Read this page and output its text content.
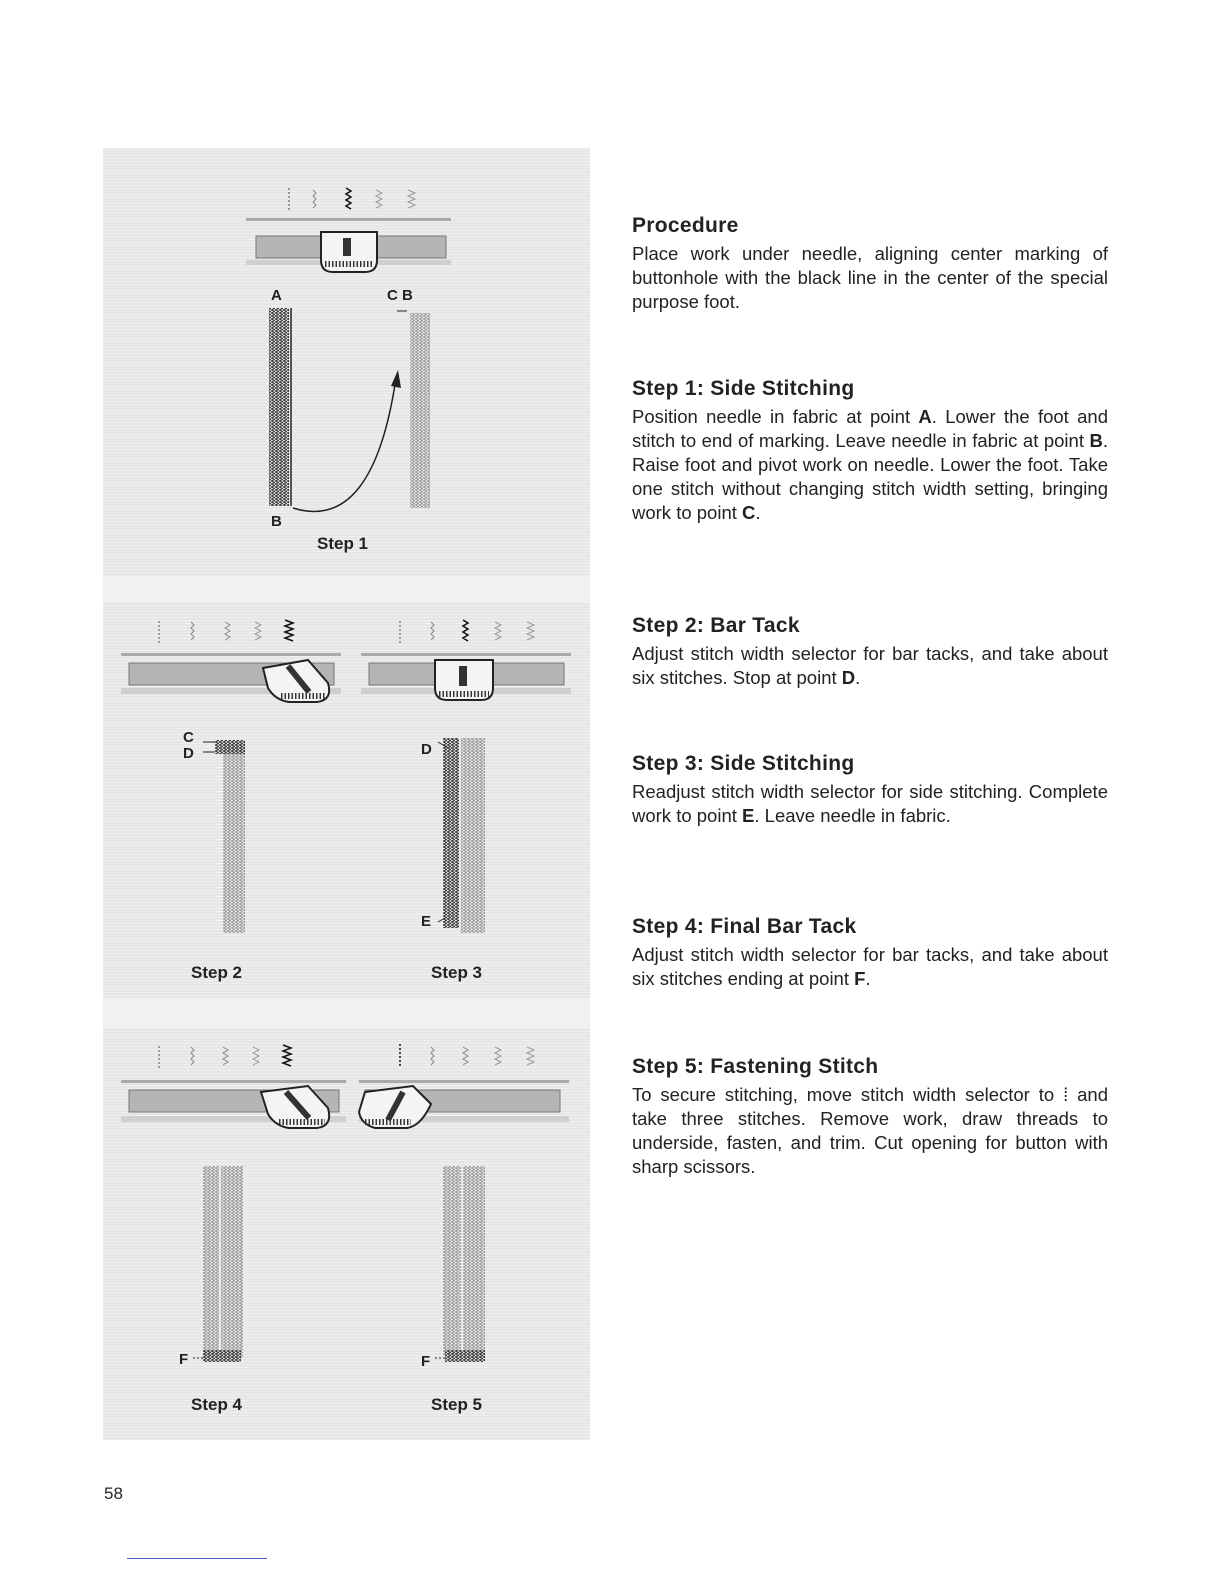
A	C B
B
Step 1
C
D
Step 2
D
E
Step 3
F
Step 4
F
Step 5
Procedure

Place work under needle, aligning center marking of buttonhole with the black line in the center of the special purpose foot.

Step 1: Side Stitching

Position needle in fabric at point A. Lower the foot and stitch to end of marking. Leave needle in fabric at point B. Raise foot and pivot work on needle. Lower the foot. Take one stitch without changing stitch width setting, bringing work to point C.

Step 2: Bar Tack

Adjust stitch width selector for bar tacks, and take about six stitches. Stop at point D.

Step 3: Side Stitching

Readjust stitch width selector for side stitching. Complete work to point E. Leave needle in fabric.

Step 4: Final Bar Tack

Adjust stitch width selector for bar tacks, and take about six stitches ending at point F.

Step 5: Fastening Stitch

To secure stitching, move stitch width selector to ⁞ and take three stitches. Remove work, draw threads to underside, fasten, and trim. Cut opening for button with sharp scissors.

58
